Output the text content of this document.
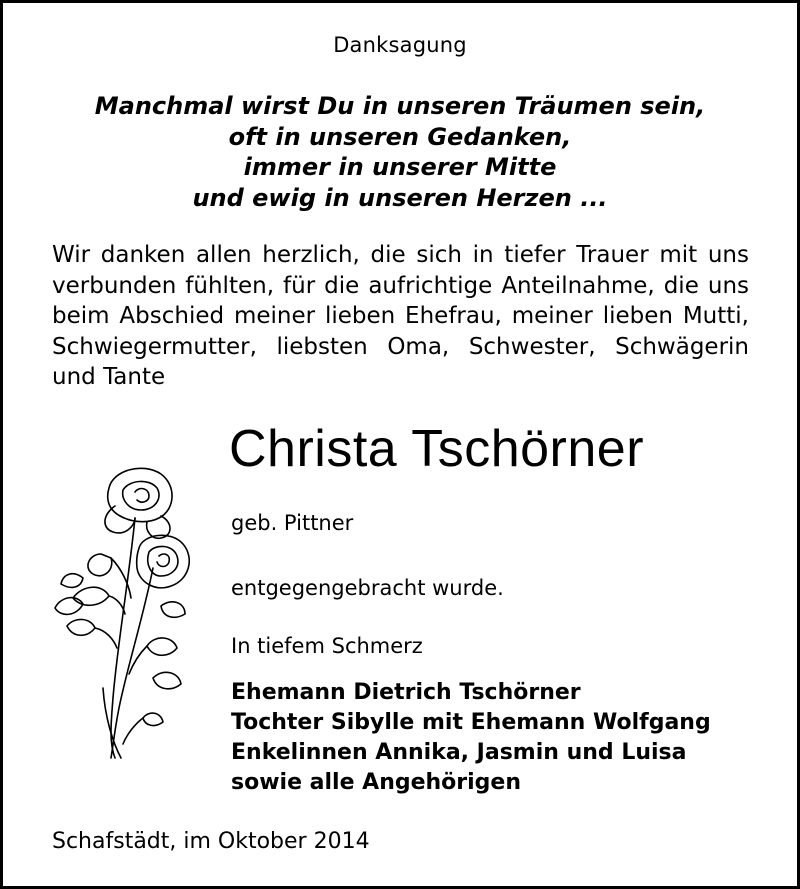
Danksagung
Manchmal wirst Du in unseren Träumen sein,
oft in unseren Gedanken,
immer in unserer Mitte
und ewig in unseren Herzen ...
Wir danken allen herzlich, die sich in tiefer Trauer mit uns
verbunden fühlten, für die aufrichtige Anteilnahme, die uns
beim Abschied meiner lieben Ehefrau, meiner lieben Mutti,
Schwiegermutter, liebsten Oma, Schwester, Schwägerin
und Tante
Christa Tschörner
geb. Pittner
entgegengebracht wurde.
In tiefem Schmerz
Ehemann Dietrich Tschörner
Tochter Sibylle mit Ehemann Wolfgang
Enkelinnen Annika, Jasmin und Luisa
sowie alle Angehörigen
Schafstädt, im Oktober 2014
